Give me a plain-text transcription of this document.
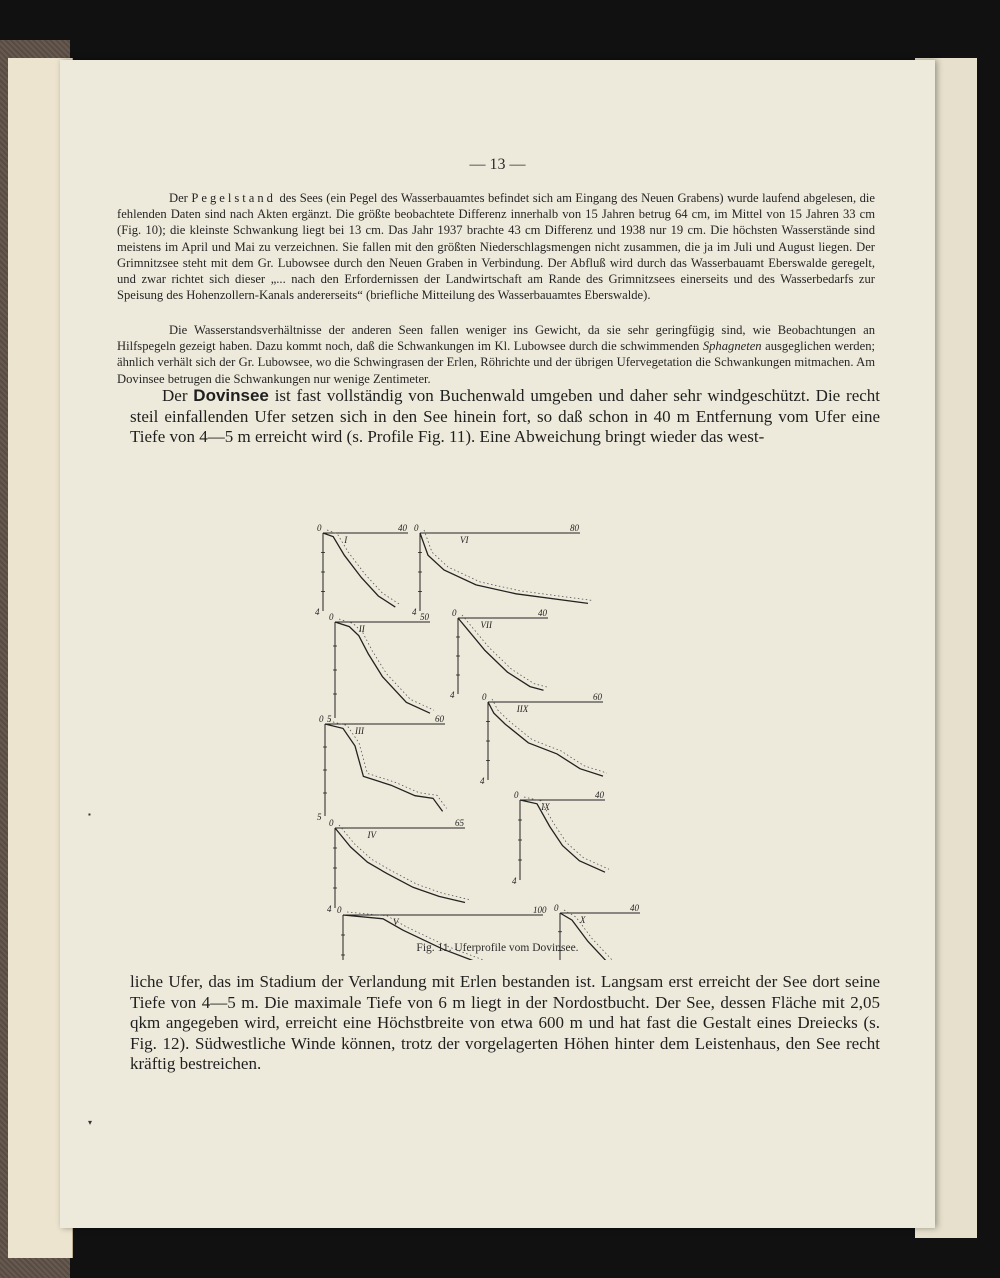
— 13 —

Der Pegelstand des Sees (ein Pegel des Wasserbauamtes befindet sich am Eingang des Neuen Grabens) wurde laufend abgelesen, die fehlenden Daten sind nach Akten ergänzt. Die größte beobachtete Differenz innerhalb von 15 Jahren betrug 64 cm, im Mittel von 15 Jahren 33 cm (Fig. 10); die kleinste Schwankung liegt bei 13 cm. Das Jahr 1937 brachte 43 cm Differenz und 1938 nur 19 cm. Die höchsten Wasserstände sind meistens im April und Mai zu verzeichnen. Sie fallen mit den größten Niederschlagsmengen nicht zusammen, die ja im Juli und August liegen. Der Grimnitzsee steht mit dem Gr. Lubowsee durch den Neuen Graben in Verbindung. Der Abfluß wird durch das Wasserbauamt Eberswalde geregelt, und zwar richtet sich dieser „... nach den Erfordernissen der Landwirtschaft am Rande des Grimnitzsees einerseits und des Wasserbedarfs zur Speisung des Hohenzollern-Kanals andererseits“ (briefliche Mitteilung des Wasserbauamtes Eberswalde).

Die Wasserstandsverhältnisse der anderen Seen fallen weniger ins Gewicht, da sie sehr geringfügig sind, wie Beobachtungen an Hilfspegeln gezeigt haben. Dazu kommt noch, daß die Schwankungen im Kl. Lubowsee durch die schwimmenden Sphagneten ausgeglichen werden; ähnlich verhält sich der Gr. Lubowsee, wo die Schwingrasen der Erlen, Röhrichte und der übrigen Ufervegetation die Schwankungen mitmachen. Am Dovinsee betrugen die Schwankungen nur wenige Zentimeter.

Der Dovinsee ist fast vollständig von Buchenwald umgeben und daher sehr windgeschützt. Die recht steil einfallenden Ufer setzen sich in den See hinein fort, so daß schon in 40 m Entfernung vom Ufer eine Tiefe von 4—5 m erreicht wird (s. Profile Fig. 11). Eine Abweichung bringt wieder das west-

0	40
4
I
0	80
4
VI
0	50
5
II
0	40
4
VII
0	60
5
III
0	60
4
IIX
0	40
4
IX
0	65
4
IV
0	100
V
0	40
X
Fig. 11. Uferprofile vom Dovinsee.

liche Ufer, das im Stadium der Verlandung mit Erlen bestanden ist. Langsam erst erreicht der See dort seine Tiefe von 4—5 m. Die maximale Tiefe von 6 m liegt in der Nordostbucht. Der See, dessen Fläche mit 2,05 qkm angegeben wird, erreicht eine Höchstbreite von etwa 600 m und hat fast die Gestalt eines Dreiecks (s. Fig. 12). Südwestliche Winde können, trotz der vorgelagerten Höhen hinter dem Leistenhaus, den See recht kräftig bestreichen.

▪
▾
